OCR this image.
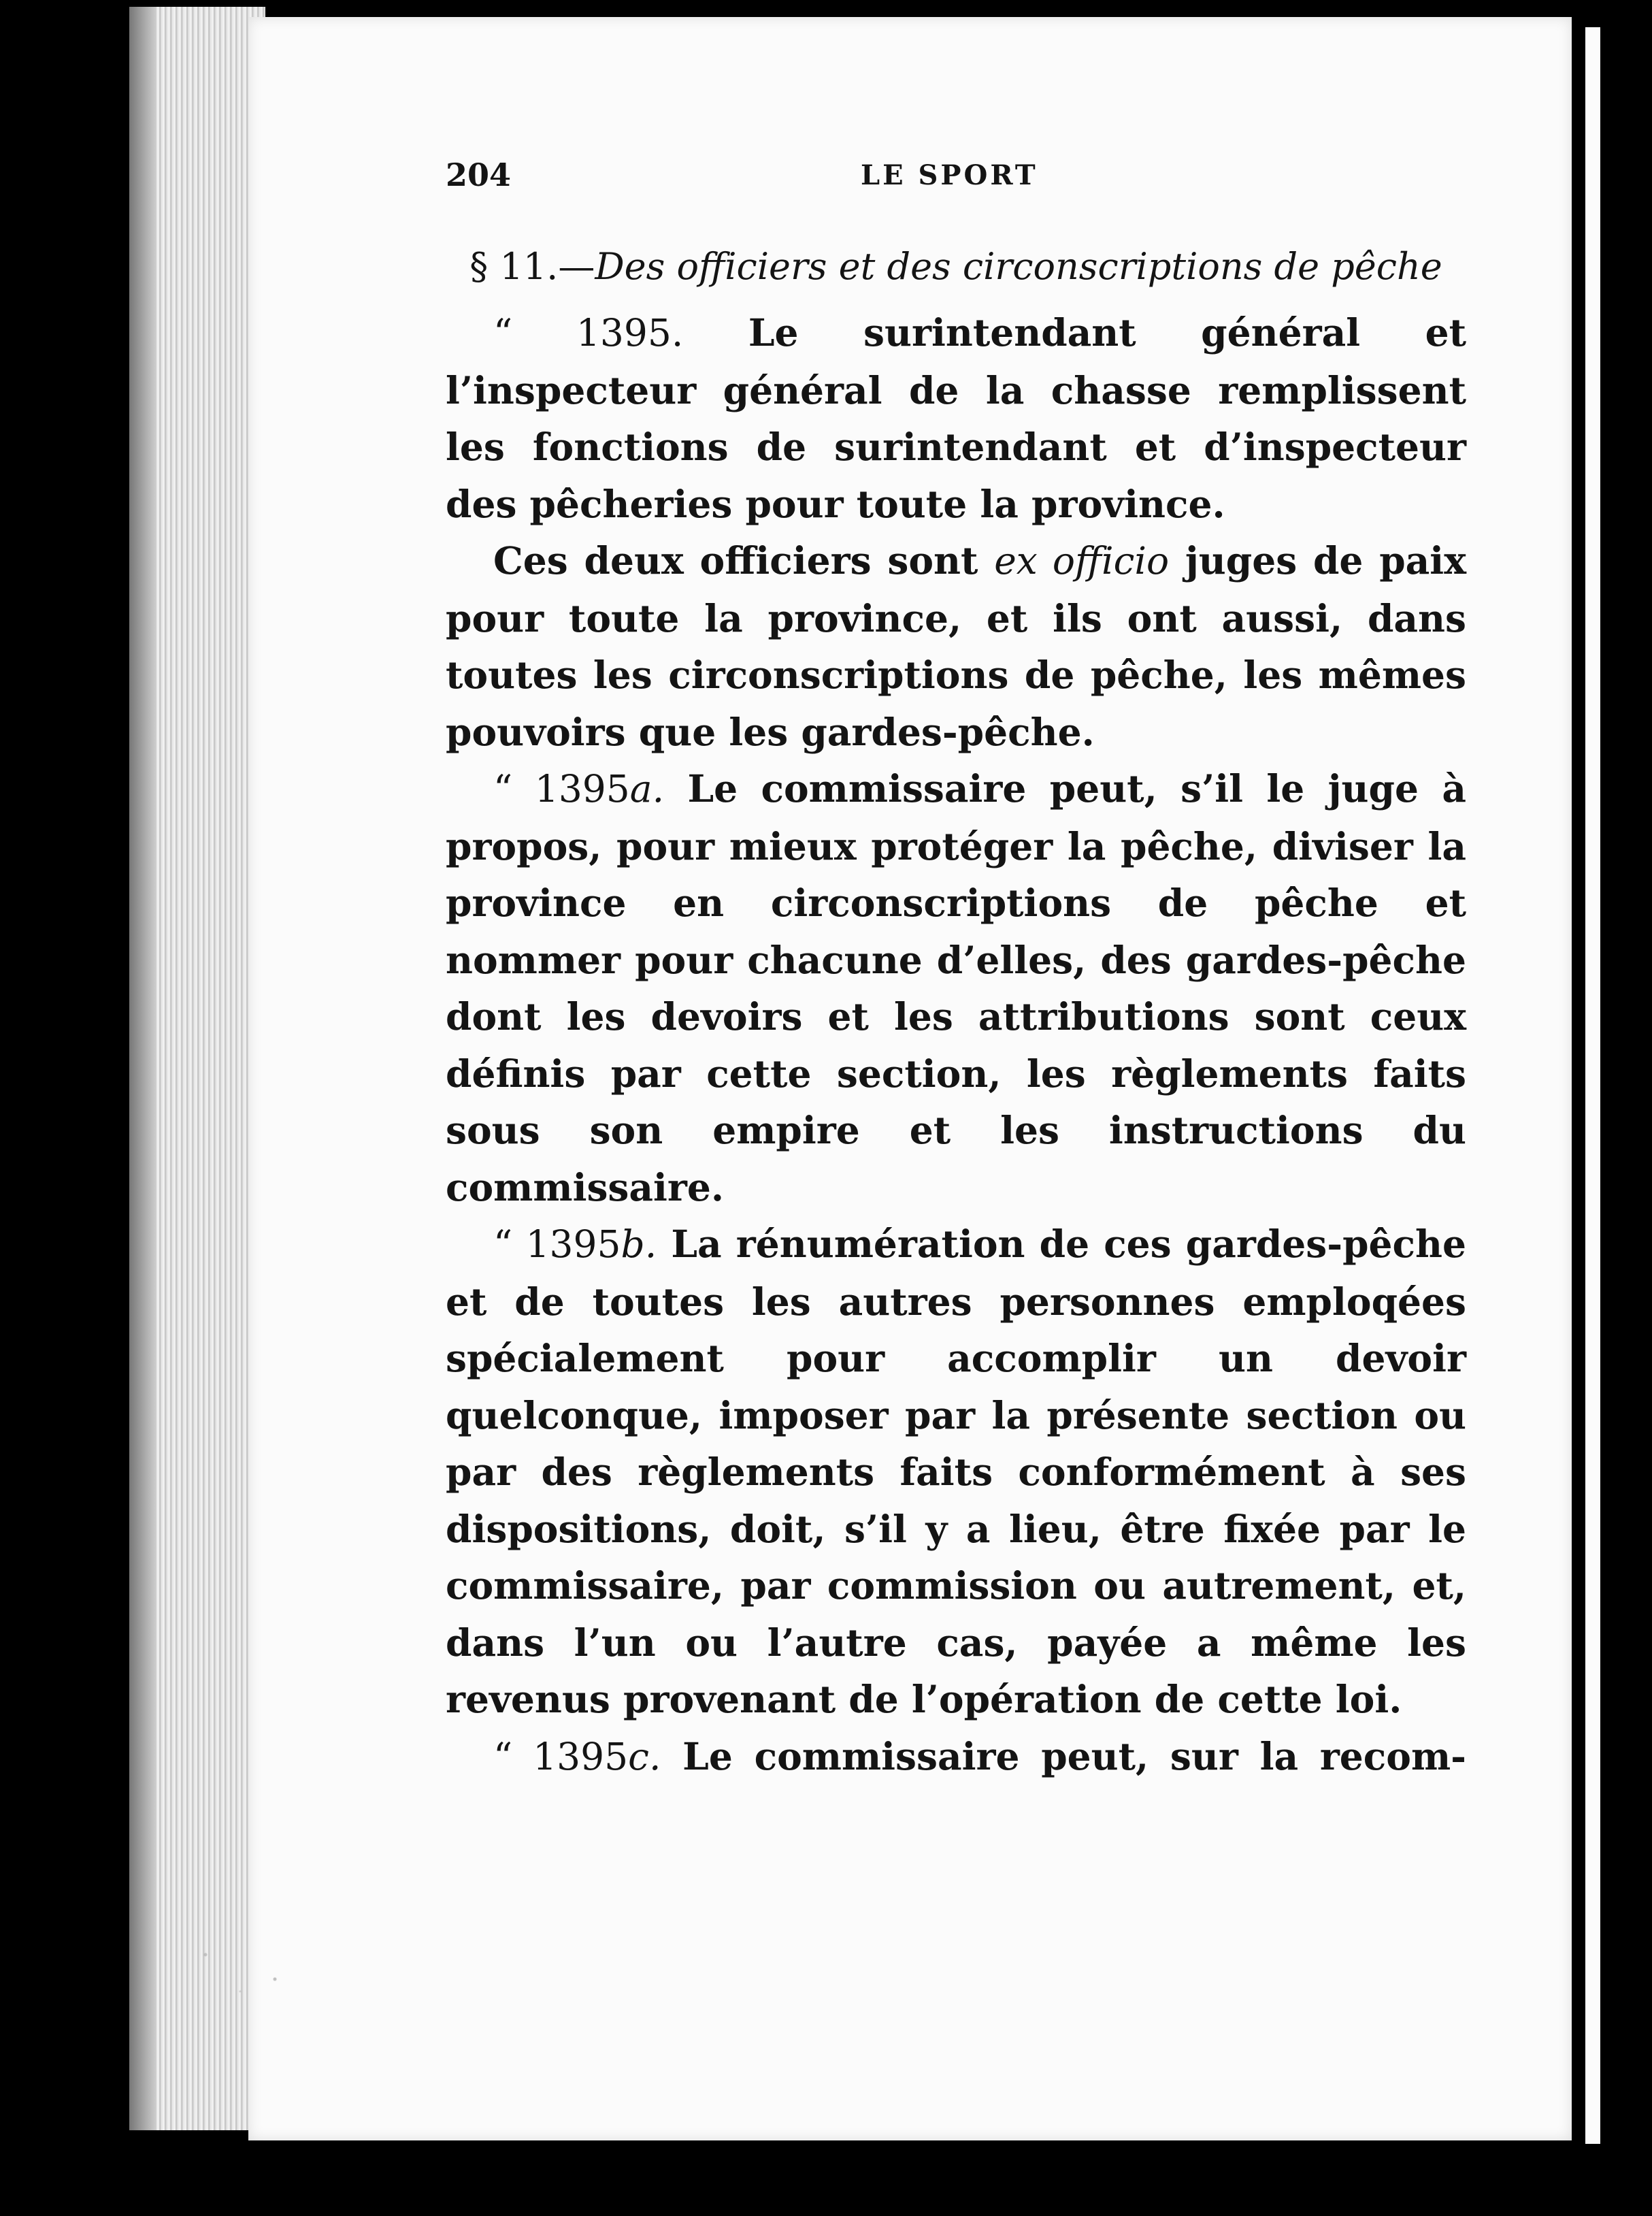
204	LE SPORT
§ 11.—Des officiers et des circonscriptions de pêche

“ 1395. Le surintendant général et l’inspecteur général de la chasse remplissent les fonctions de surintendant et d’inspecteur des pêcheries pour toute la province.

Ces deux officiers sont ex officio juges de paix pour toute la province, et ils ont aussi, dans toutes les circonscriptions de pêche, les mêmes pouvoirs que les gardes-pêche.

“ 1395a. Le commissaire peut, s’il le juge à propos, pour mieux protéger la pêche, diviser la province en circonscriptions de pêche et nommer pour chacune d’elles, des gardes-pêche dont les devoirs et les attributions sont ceux définis par cette section, les règlements faits sous son empire et les instructions du commissaire.

“ 1395b. La rénumération de ces gardes-pêche et de toutes les autres personnes emploqées spécialement pour accomplir un devoir quelconque, imposer par la présente section ou par des règlements faits conformément à ses dispositions, doit, s’il y a lieu, être fixée par le commissaire, par commission ou autrement, et, dans l’un ou l’autre cas, payée a même les revenus provenant de l’opération de cette loi.

“ 1395c. Le commissaire peut, sur la recom-
